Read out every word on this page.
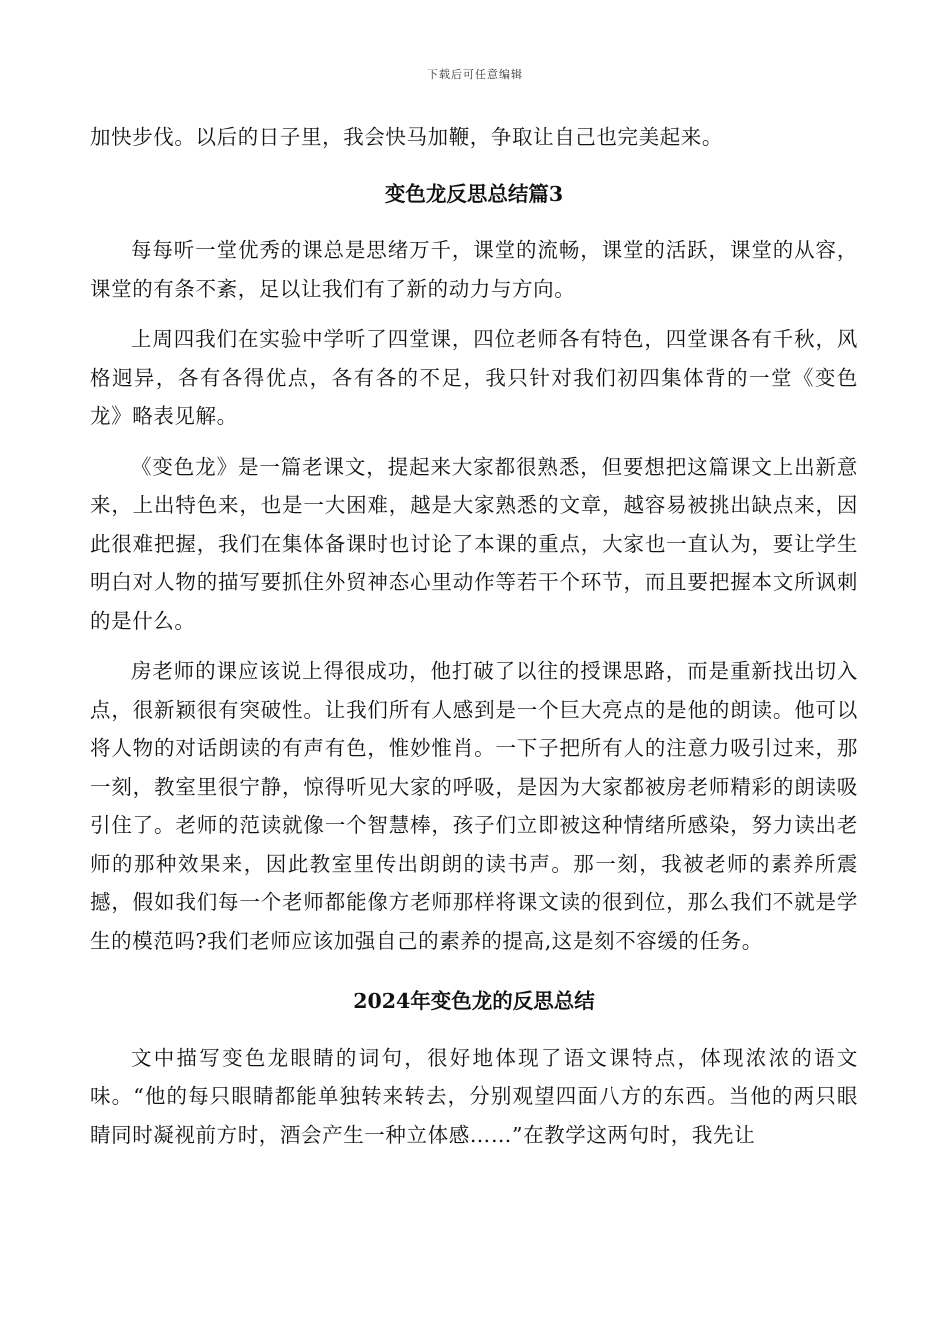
下载后可任意编辑

加快步伐。以后的日子里，我会快马加鞭，争取让自己也完美起来。

变色龙反思总结篇3

每每听一堂优秀的课总是思绪万千，课堂的流畅，课堂的活跃，课堂的从容，课堂的有条不紊，足以让我们有了新的动力与方向。

上周四我们在实验中学听了四堂课，四位老师各有特色，四堂课各有千秋，风格迥异，各有各得优点，各有各的不足，我只针对我们初四集体背的一堂《变色龙》略表见解。

《变色龙》是一篇老课文，提起来大家都很熟悉，但要想把这篇课文上出新意来，上出特色来，也是一大困难，越是大家熟悉的文章，越容易被挑出缺点来，因此很难把握，我们在集体备课时也讨论了本课的重点，大家也一直认为，要让学生明白对人物的描写要抓住外贸神态心里动作等若干个环节，而且要把握本文所讽刺的是什么。

房老师的课应该说上得很成功，他打破了以往的授课思路，而是重新找出切入点，很新颖很有突破性。让我们所有人感到是一个巨大亮点的是他的朗读。他可以将人物的对话朗读的有声有色，惟妙惟肖。一下子把所有人的注意力吸引过来，那一刻，教室里很宁静，惊得听见大家的呼吸，是因为大家都被房老师精彩的朗读吸引住了。老师的范读就像一个智慧棒，孩子们立即被这种情绪所感染，努力读出老师的那种效果来，因此教室里传出朗朗的读书声。那一刻，我被老师的素养所震撼，假如我们每一个老师都能像方老师那样将课文读的很到位，那么我们不就是学生的模范吗?我们老师应该加强自己的素养的提高,这是刻不容缓的任务。

2024年变色龙的反思总结

文中描写变色龙眼睛的词句，很好地体现了语文课特点，体现浓浓的语文味。“他的每只眼睛都能单独转来转去，分别观望四面八方的东西。当他的两只眼睛同时凝视前方时，酒会产生一种立体感……”在教学这两句时，我先让
